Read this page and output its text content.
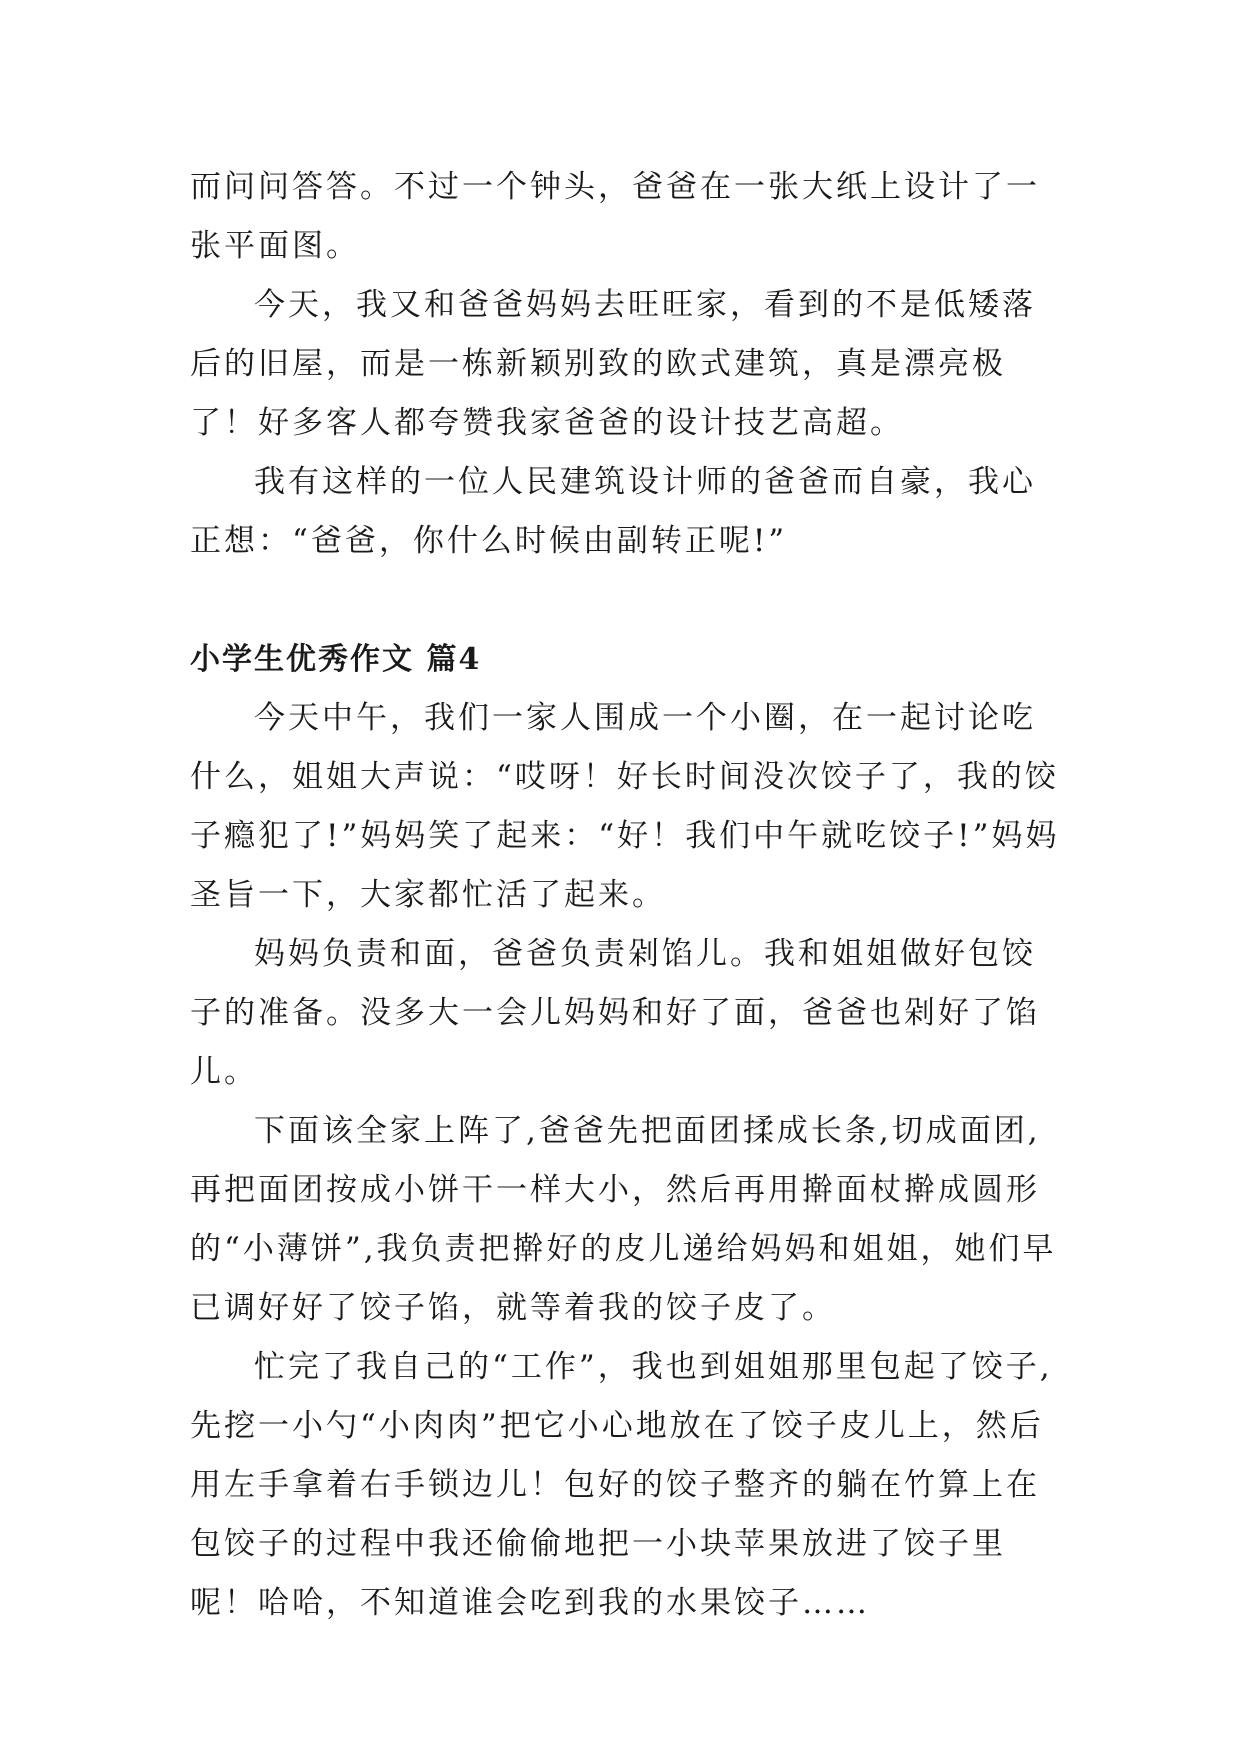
而问问答答。不过一个钟头，爸爸在一张大纸上设计了一张平面图。

今天，我又和爸爸妈妈去旺旺家，看到的不是低矮落后的旧屋，而是一栋新颖别致的欧式建筑，真是漂亮极了！好多客人都夸赞我家爸爸的设计技艺高超。

我有这样的一位人民建筑设计师的爸爸而自豪，我心正想：“爸爸，你什么时候由副转正呢!”

小学生优秀作文 篇4

今天中午，我们一家人围成一个小圈，在一起讨论吃什么，姐姐大声说：“哎呀！好长时间没次饺子了，我的饺子瘾犯了!”妈妈笑了起来：“好！我们中午就吃饺子!”妈妈圣旨一下，大家都忙活了起来。

妈妈负责和面，爸爸负责剁馅儿。我和姐姐做好包饺子的准备。没多大一会儿妈妈和好了面，爸爸也剁好了馅儿。

下面该全家上阵了,爸爸先把面团揉成长条,切成面团,再把面团按成小饼干一样大小，然后再用擀面杖擀成圆形的“小薄饼”,我负责把擀好的皮儿递给妈妈和姐姐，她们早已调好好了饺子馅，就等着我的饺子皮了。

忙完了我自己的“工作”，我也到姐姐那里包起了饺子,先挖一小勺“小肉肉”把它小心地放在了饺子皮儿上，然后用左手拿着右手锁边儿！包好的饺子整齐的躺在竹算上在包饺子的过程中我还偷偷地把一小块苹果放进了饺子里呢！哈哈，不知道谁会吃到我的水果饺子……
